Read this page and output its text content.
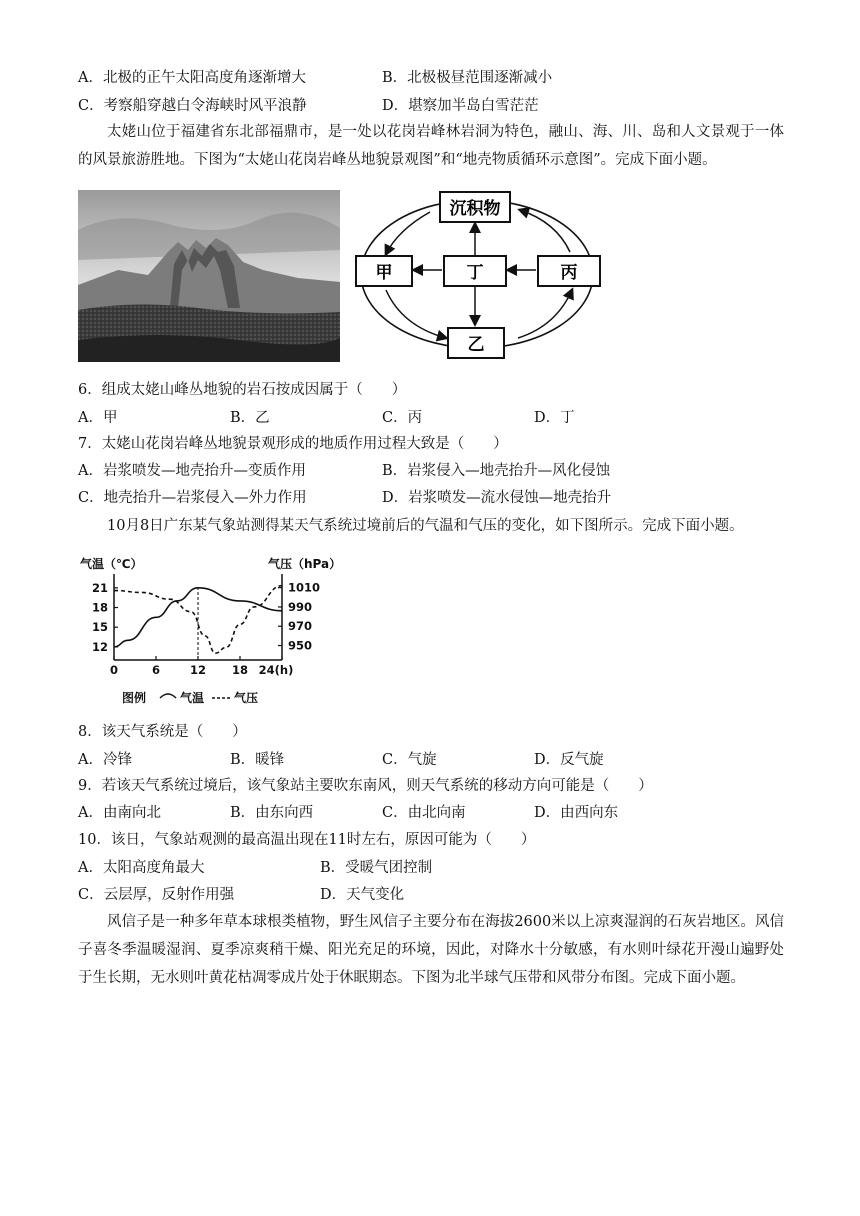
A．北极的正午太阳高度角逐渐增大	B．北极极昼范围逐渐减小
C．考察船穿越白令海峡时风平浪静	D．堪察加半岛白雪茫茫
太姥山位于福建省东北部福鼎市，是一处以花岗岩峰林岩洞为特色，融山、海、川、岛和人文景观于一体的风景旅游胜地。下图为“太姥山花岗岩峰丛地貌景观图”和“地壳物质循环示意图”。完成下面小题。
沉积物
甲	丁	丙
乙
6．组成太姥山峰丛地貌的岩石按成因属于（　　）
A．甲	B．乙	C．丙	D．丁
7．太姥山花岗岩峰丛地貌景观形成的地质作用过程大致是（　　）
A．岩浆喷发—地壳抬升—变质作用	B．岩浆侵入—地壳抬升—风化侵蚀
C．地壳抬升—岩浆侵入—外力作用	D．岩浆喷发—流水侵蚀—地壳抬升
10月8日广东某气象站测得某天气系统过境前后的气温和气压的变化，如下图所示。完成下面小题。
气温（℃）	气压（hPa）
0	6	12 18 24(h)
21
18
15
12
1010
990
970
950
图例	气温 气压
8．该天气系统是（　　）
A．冷锋	B．暖锋	C．气旋	D．反气旋
9．若该天气系统过境后，该气象站主要吹东南风，则天气系统的移动方向可能是（　　）
A．由南向北	B．由东向西	C．由北向南	D．由西向东
10．该日，气象站观测的最高温出现在11时左右，原因可能为（　　）
A．太阳高度角最大	B．受暖气团控制
C．云层厚，反射作用强	D．天气变化
风信子是一种多年草本球根类植物，野生风信子主要分布在海拔2600米以上凉爽湿润的石灰岩地区。风信子喜冬季温暖湿润、夏季凉爽稍干燥、阳光充足的环境，因此，对降水十分敏感，有水则叶绿花开漫山遍野处于生长期，无水则叶黄花枯凋零成片处于休眠期态。下图为北半球气压带和风带分布图。完成下面小题。
